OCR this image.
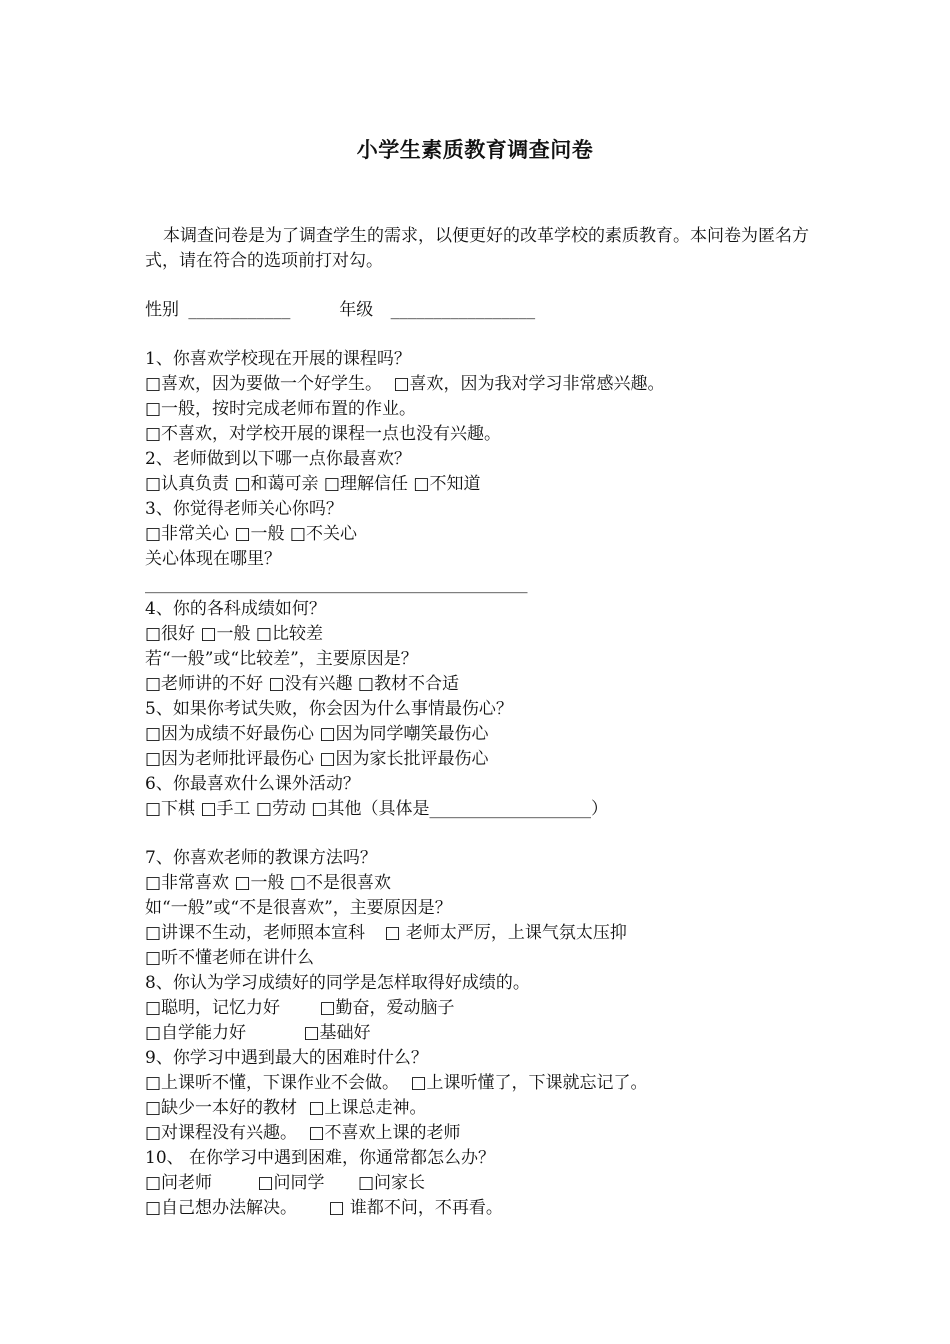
小学生素质教育调查问卷
本调查问卷是为了调查学生的需求，以便更好的改革学校的素质教育。本问卷为匿名方式，请在符合的选项前打对勾。
性别 ____________	年级 _________________
1、你喜欢学校现在开展的课程吗？
□喜欢，因为要做一个好学生。 □喜欢，因为我对学习非常感兴趣。
□一般，按时完成老师布置的作业。
□不喜欢，对学校开展的课程一点也没有兴趣。
2、老师做到以下哪一点你最喜欢？
□认真负责 □和蔼可亲 □理解信任 □不知道
3、你觉得老师关心你吗？
□非常关心 □一般 □不关心
关心体现在哪里？
_____________________________________________
4、你的各科成绩如何？
□很好 □一般 □比较差
若“一般”或“比较差”，主要原因是？
□老师讲的不好 □没有兴趣 □教材不合适
5、如果你考试失败，你会因为什么事情最伤心？
□因为成绩不好最伤心 □因为同学嘲笑最伤心
□因为老师批评最伤心 □因为家长批评最伤心
6、你最喜欢什么课外活动？
□下棋 □手工 □劳动 □其他（具体是___________________）
7、你喜欢老师的教课方法吗？
□非常喜欢 □一般 □不是很喜欢
如“一般”或“不是很喜欢”，主要原因是？
□讲课不生动，老师照本宣科 □ 老师太严厉，上课气氛太压抑
□听不懂老师在讲什么
8、你认为学习成绩好的同学是怎样取得好成绩的。
□聪明，记忆力好 □勤奋，爱动脑子
□自学能力好	□基础好
9、你学习中遇到最大的困难时什么？
□上课听不懂，下课作业不会做。 □上课听懂了，下课就忘记了。
□缺少一本好的教材 □上课总走神。
□对课程没有兴趣。 □不喜欢上课的老师
10、 在你学习中遇到困难，你通常都怎么办？
□问老师	□问同学 □问家长
□自己想办法解决。 □ 谁都不问，不再看。
